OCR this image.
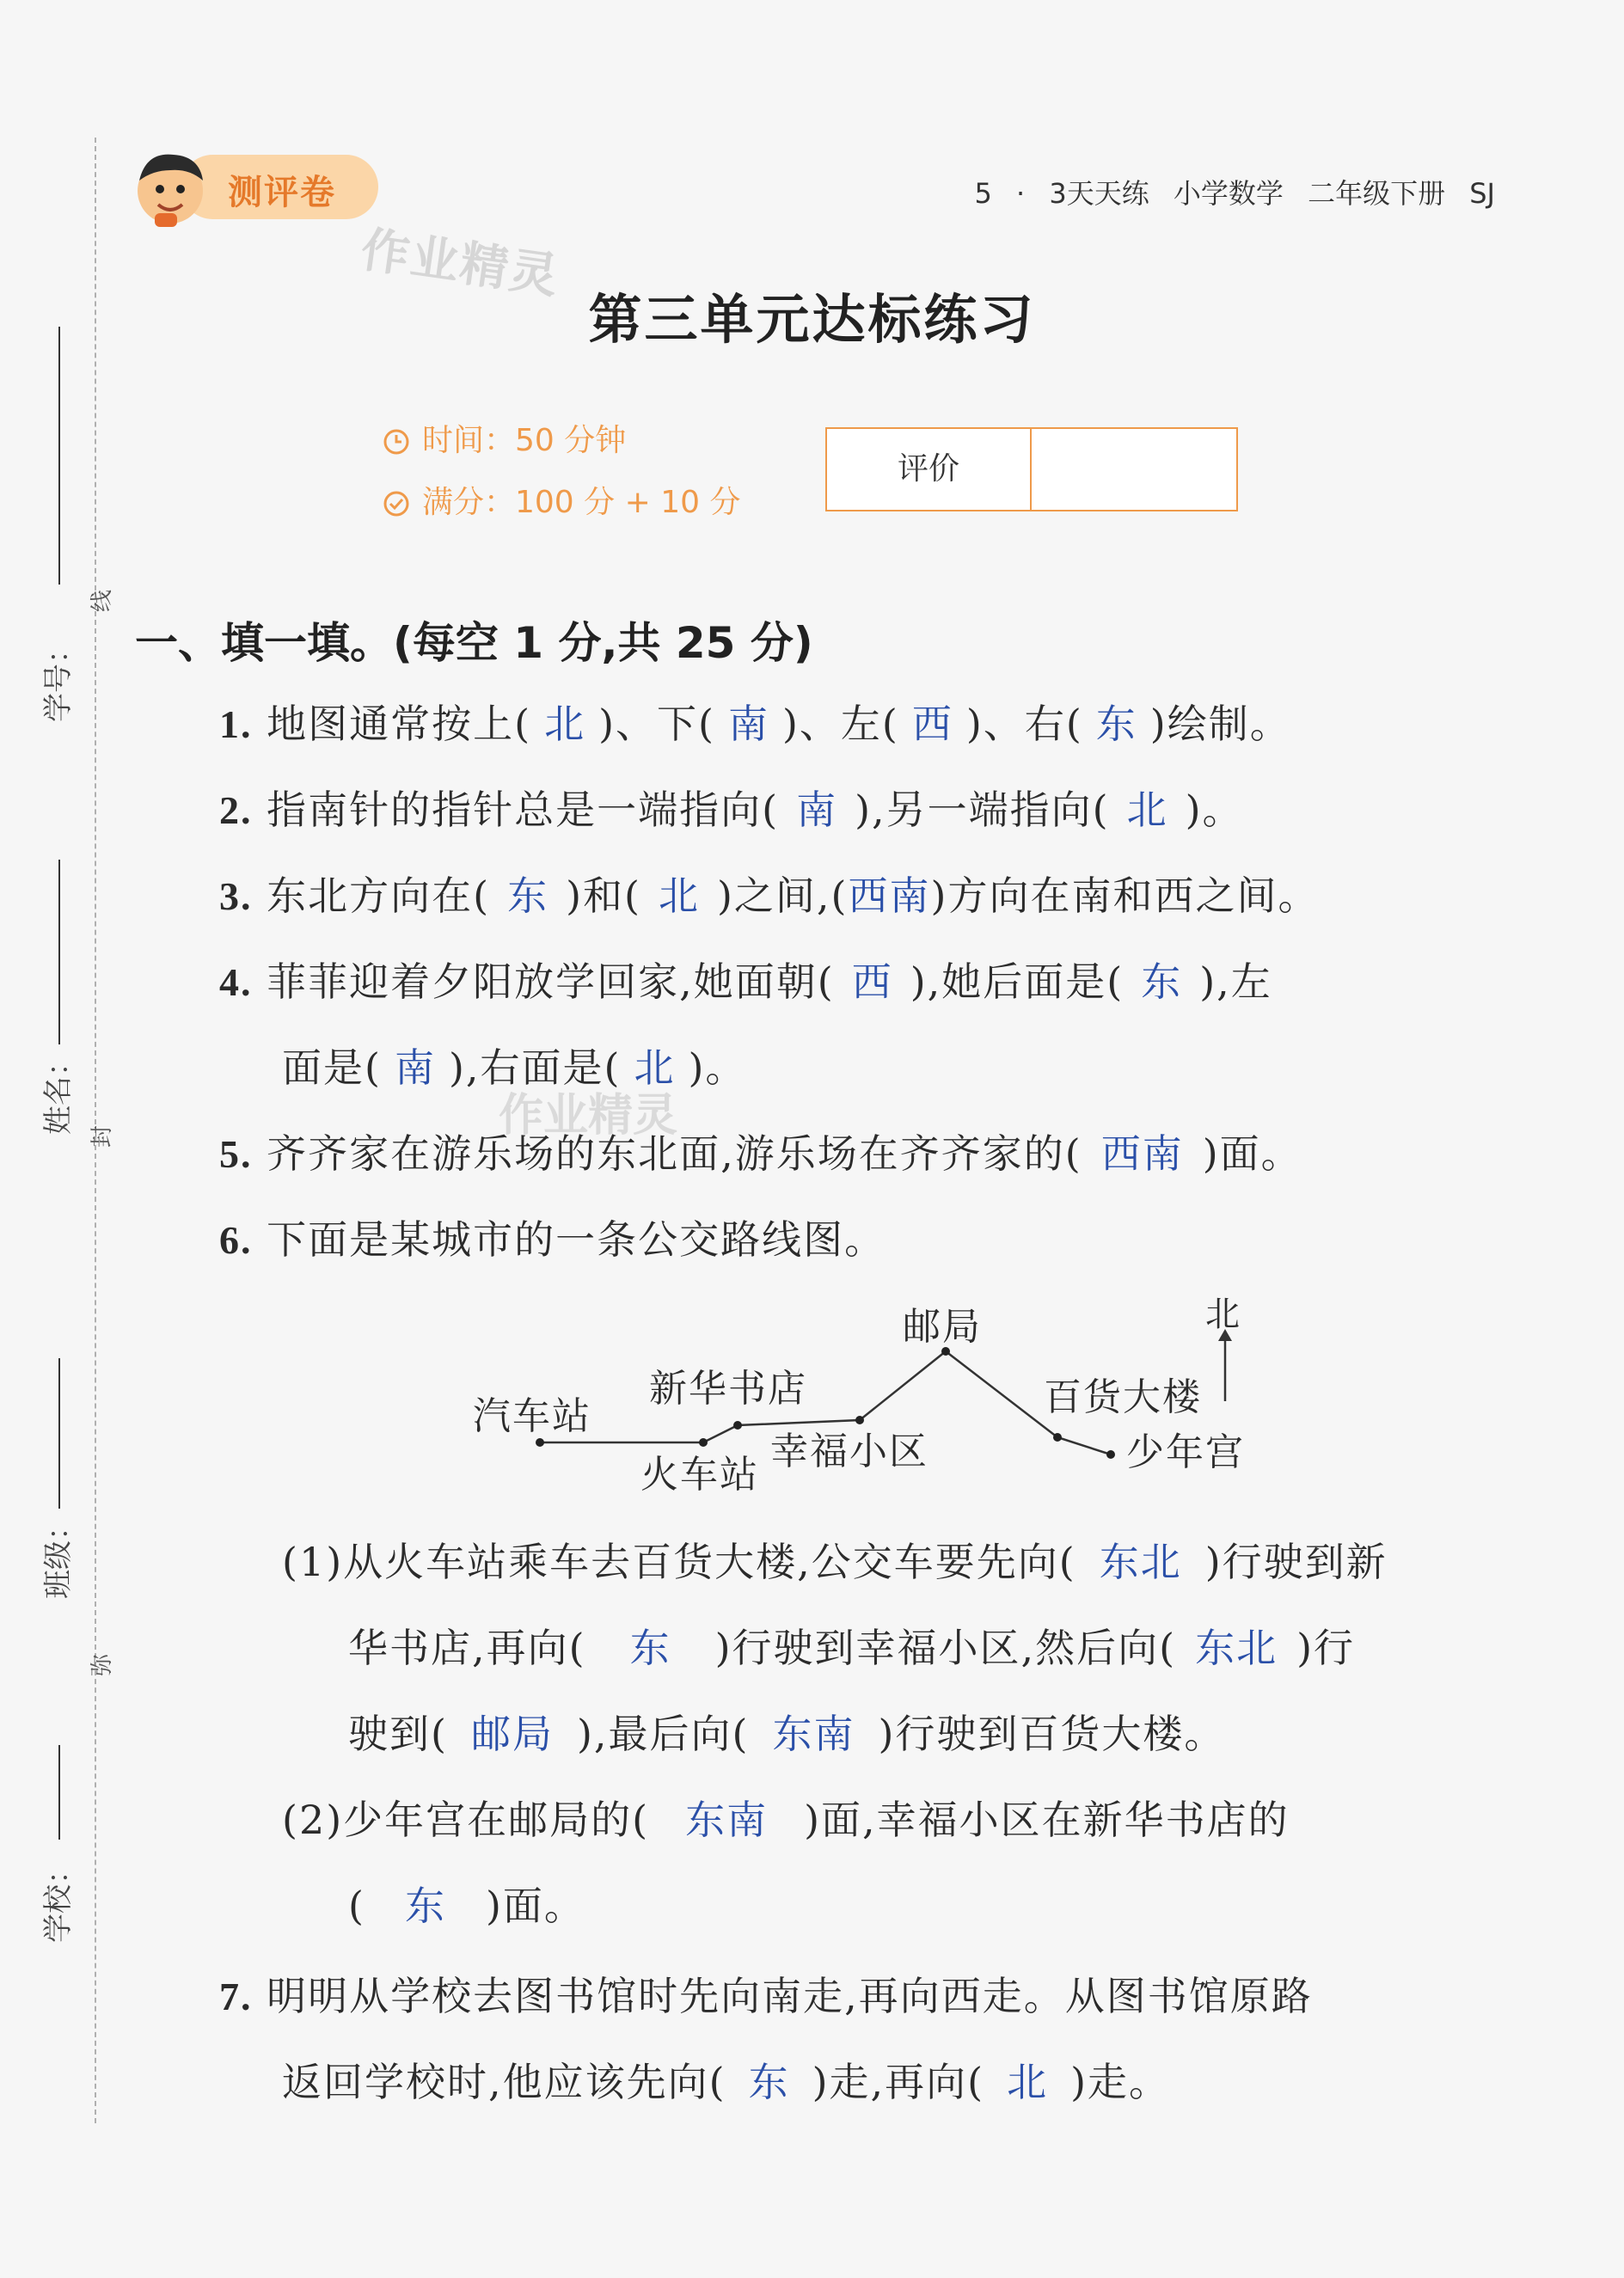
线
封
弥
学号：
姓名：
班级：
学校：
测评卷
作业精灵
5 · 3天天练 小学数学 二年级下册 SJ
第三单元达标练习
时间：50 分钟
满分：100 分 + 10 分
评价
一、填一填。(每空 1 分,共 25 分)
1. 地图通常按上( 北 )、下( 南 )、左( 西 )、右( 东 )绘制。
2. 指南针的指针总是一端指向( 南 ),另一端指向( 北 )。
3. 东北方向在( 东 )和( 北 )之间,(西南)方向在南和西之间。
4. 菲菲迎着夕阳放学回家,她面朝( 西 ),她后面是( 东 ),左
面是( 南 ),右面是( 北 )。
作业精灵
5. 齐齐家在游乐场的东北面,游乐场在齐齐家的( 西南 )面。
6. 下面是某城市的一条公交路线图。
汽车站
新华书店
火车站
幸福小区
邮局
百货大楼
少年宫
北
(1)从火车站乘车去百货大楼,公交车要先向( 东北 )行驶到新
华书店,再向( 东 )行驶到幸福小区,然后向( 东北 )行
驶到( 邮局 ),最后向( 东南 )行驶到百货大楼。
(2)少年宫在邮局的( 东南 )面,幸福小区在新华书店的
( 东 )面。
7. 明明从学校去图书馆时先向南走,再向西走。从图书馆原路
返回学校时,他应该先向( 东 )走,再向( 北 )走。
